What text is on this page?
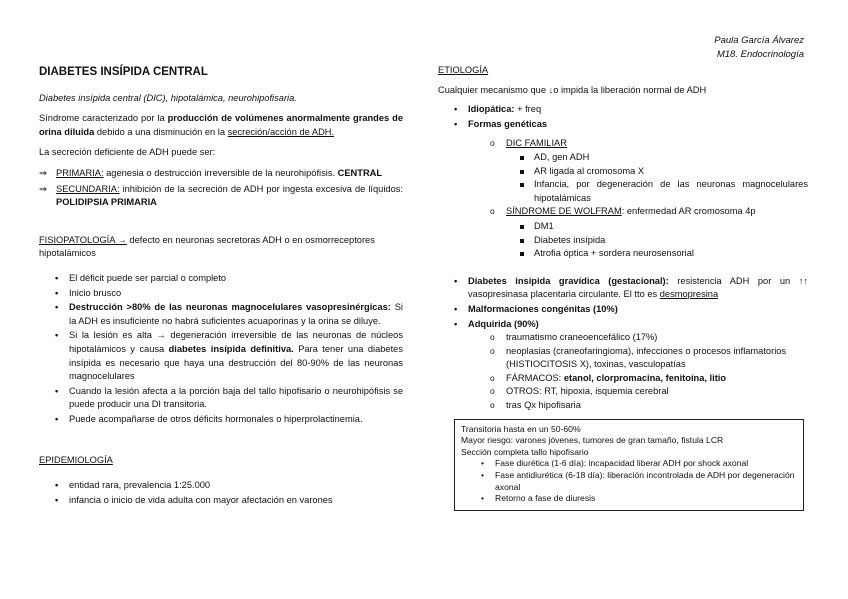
Paula García Álvarez
M18. Endocrinología
DIABETES INSÍPIDA CENTRAL
Diabetes insípida central (DIC), hipotalámica, neurohipofisaria.

Síndrome caracterizado por la producción de volúmenes anormalmente grandes de orina diluida debido a una disminución en la secreción/acción de ADH.

La secreción deficiente de ADH puede ser:

⇒ PRIMARIA: agenesia o destrucción irreversible de la neurohipófisis. CENTRAL
⇒ SECUNDARIA: inhibición de la secreción de ADH por ingesta excesiva de líquidos: POLIDIPSIA PRIMARIA

FISIOPATOLOGÍA → defecto en neuronas secretoras ADH o en osmorreceptores hipotalámicos

• El déficit puede ser parcial o completo
• Inicio brusco
• Destrucción >80% de las neuronas magnocelulares vasopresinérgicas: Si la ADH es insuficiente no habrá suficientes acuaporinas y la orina se diluye.
• Si la lesión es alta → degeneración irreversible de las neuronas de núcleos hipotalámicos y causa diabetes insípida definitiva. Para tener una diabetes insípida es necesario que haya una destrucción del 80-90% de las neuronas magnocelulares
• Cuando la lesión afecta a la porción baja del tallo hipofisario o neurohipófisis se puede producir una DI transitoria.
• Puede acompañarse de otros déficits hormonales o hiperprolactinemia.

EPIDEMIOLOGÍA

• entidad rara, prevalencia 1:25.000
• infancia o inicio de vida adulta con mayor afectación en varones

ETIOLOGÍA

Cualquier mecanismo que ↓o impida la liberación normal de ADH

• Idiopática: + freq
• Formas genéticas
o DIC FAMILIAR
AD, gen ADH
AR ligada al cromosoma X
Infancia, por degeneración de las neuronas magnocelulares hipotalámicas
o SÍNDROME DE WOLFRAM: enfermedad AR cromosoma 4p
DM1
Diabetes insípida
Atrofia óptica + sordera neurosensorial
• Diabetes insípida gravídica (gestacional): resistencia ADH por un ↑↑ vasopresinasa placentaria circulante. El tto es desmopresina
• Malformaciones congénitas (10%)
• Adquirida (90%)
o traumatismo craneoencefálico (17%)
o neoplasias (craneofaringioma), infecciones o procesos inflamatorios (HISTIOCITOSIS X), toxinas, vasculopatías
o FÁRMACOS: etanol, clorpromacina, fenitoína, litio
o OTROS: RT, hipoxia, isquemia cerebral
o tras Qx hipofisaria
Transitoria hasta en un 50-60%
Mayor riesgo: varones jóvenes, tumores de gran tamaño, fistula LCR
Sección completa tallo hipofisario
• Fase diurética (1-6 día): incapacidad liberar ADH por shock axonal
• Fase antidiurética (6-18 día): liberación incontrolada de ADH por degeneración axonal
• Retorno a fase de diuresis
